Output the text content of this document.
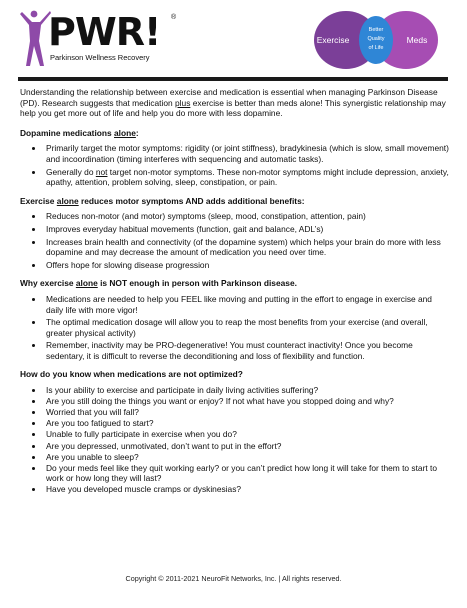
PWR! ®
Parkinson Wellness Recovery
Exercise
Better
Quality
of Life
Meds

Understanding the relationship between exercise and medication is essential when managing Parkinson Disease (PD). Research suggests that medication plus exercise is better than meds alone! This synergistic relationship may help you get more out of life and help you do more with less dopamine.

Dopamine medications alone:

• Primarily target the motor symptoms: rigidity (or joint stiffness), bradykinesia (which is slow, small movement) and incoordination (timing interferes with sequencing and automatic tasks).
• Generally do not target non-motor symptoms. These non-motor symptoms might include depression, anxiety, apathy, attention, problem solving, sleep, constipation, or pain.

Exercise alone reduces motor symptoms AND adds additional benefits:

• Reduces non-motor (and motor) symptoms (sleep, mood, constipation, attention, pain)
• Improves everyday habitual movements (function, gait and balance, ADL’s)
• Increases brain health and connectivity (of the dopamine system) which helps your brain do more with less dopamine and may decrease the amount of medication you need over time.
• Offers hope for slowing disease progression

Why exercise alone is NOT enough in person with Parkinson disease.

• Medications are needed to help you FEEL like moving and putting in the effort to engage in exercise and daily life with more vigor!
• The optimal medication dosage will allow you to reap the most benefits from your exercise (and overall, greater physical activity)
• Remember, inactivity may be PRO-degenerative! You must counteract inactivity! Once you become sedentary, it is difficult to reverse the deconditioning and loss of flexibility and function.

How do you know when medications are not optimized?

• Is your ability to exercise and participate in daily living activities suffering?
• Are you still doing the things you want or enjoy? If not what have you stopped doing and why?
• Worried that you will fall?
• Are you too fatigued to start?
• Unable to fully participate in exercise when you do?
• Are you depressed, unmotivated, don’t want to put in the effort?
• Are you unable to sleep?
• Do your meds feel like they quit working early? or you can’t predict how long it will take for them to start to work or how long they will last?
• Have you developed muscle cramps or dyskinesias?
Copyright © 2011-2021 NeuroFit Networks, Inc. | All rights reserved.
